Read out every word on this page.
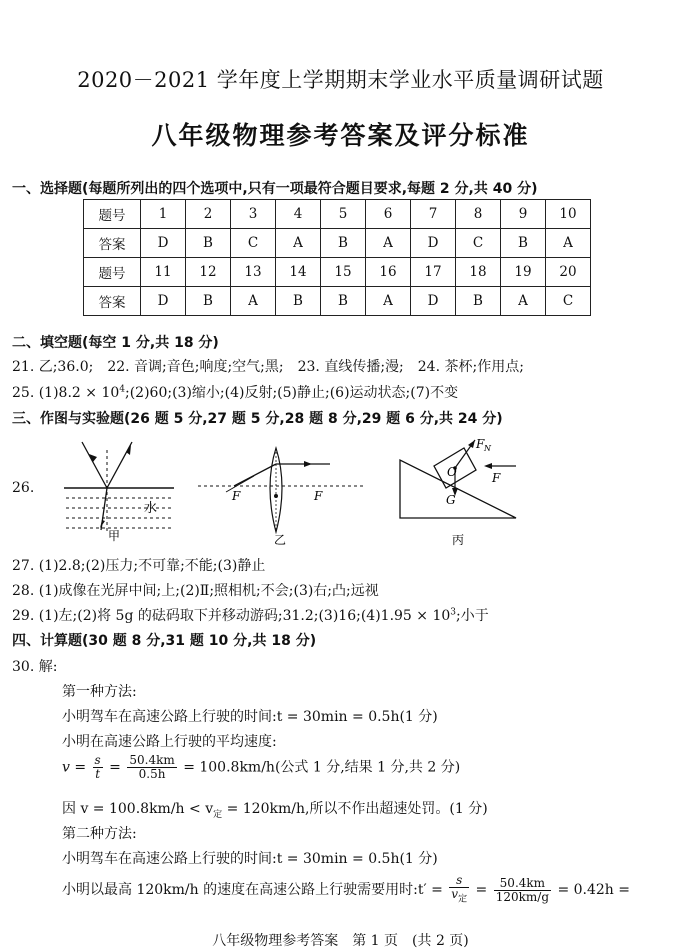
2020－2021 学年度上学期期末学业水平质量调研试题
八年级物理参考答案及评分标准
一、选择题(每题所列出的四个选项中,只有一项最符合题目要求,每题 2 分,共 40 分)
题号	1	2	3	4	5	6	7	8	9	10
答案	D	B	C	A	B	A	D	C	B	A
题号	11	12	13	14	15	16	17	18	19	20
答案	D	B	A	B	B	A	D	B	A	C
二、填空题(每空 1 分,共 18 分)
21. 乙;36.0;　22. 音调;音色;响度;空气;黑;　23. 直线传播;漫;　24. 茶杯;作用点;
25. $(1)8.2 \times 10^4;(2)60;(3)$缩小;(4)反射;(5)静止;(6)运动状态;(7)不变
三、作图与实验题(26 题 5 分,27 题 5 分,28 题 8 分,29 题 6 分,共 24 分)
26.
水
甲
F	F
乙
F N
O
G
F
丙
27. (1)2.8;(2)压力;不可靠;不能;(3)静止
28. (1)成像在光屏中间;上;(2)Ⅱ;照相机;不会;(3)右;凸;远视
29. (1)左;(2)将 5g 的砝码取下并移动游码;31.2;(3)16;(4)1.95 × $10^3$;小于
四、计算题(30 题 8 分,31 题 10 分,共 18 分)
30. 解:
第一种方法:
小明驾车在高速公路上行驶的时间:t = 30min = 0.5h(1 分)
小明在高速公路上行驶的平均速度:
$v = \frac{s}{t} = \frac{50.4km}{0.5h} = 100.8km/h$(公式 1 分,结果 1 分,共 2 分)
因 $v = 100.8km/h < v_定 = 120km/h$,所以不作出超速处罚。(1 分)
第二种方法:
小明驾车在高速公路上行驶的时间:t = 30min = 0.5h(1 分)
小明以最高 120km/h 的速度在高速公路上行驶需要用时:t′ = $\frac{s}{v_定} = \frac{50.4km}{120km/g} = 0.42h$ =
八年级物理参考答案　第 1 页　(共 2 页)
